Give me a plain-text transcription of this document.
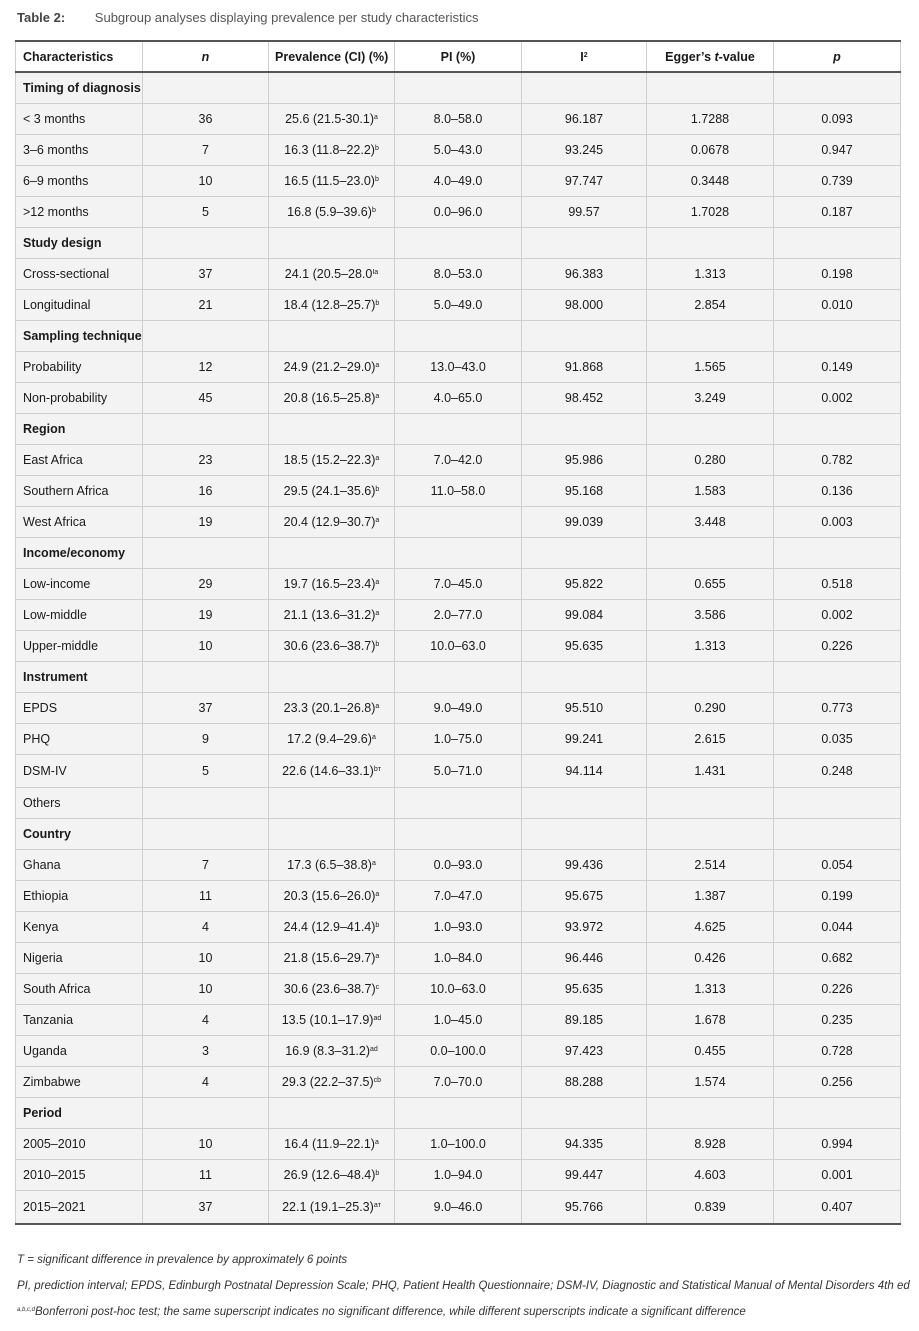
Table 2: Subgroup analyses displaying prevalence per study characteristics
Characteristics	n	Prevalence (CI) (%)	PI (%)	$I^2$	Egger’s t-value	p
Timing of diagnosis						
< 3 months	36	25.6 $(21.5-30.1)^a$	8.0–58.0	96.187	1.7288	0.093
3–6 months	7	16.3 $(11.8-22.2)^b$	5.0–43.0	93.245	0.0678	0.947
6–9 months	10	16.5 $(11.5-23.0)^b$	4.0–49.0	97.747	0.3448	0.739
>12 months	5	16.8 $(5.9-39.6)^b$	0.0–96.0	99.57	1.7028	0.187
Study design						
Cross-sectional	37	24.1 ($20.5-28.0^{Ia}$	8.0–53.0	96.383	1.313	0.198
Longitudinal	21	18.4 $(12.8-25.7)^b$	5.0–49.0	98.000	2.854	0.010
Sampling technique						
Probability	12	24.9 $(21.2-29.0)^a$	13.0–43.0	91.868	1.565	0.149
Non-probability	45	20.8 $(16.5-25.8)^a$	4.0–65.0	98.452	3.249	0.002
Region						
East Africa	23	18.5 $(15.2-22.3)^a$	7.0–42.0	95.986	0.280	0.782
Southern Africa	16	29.5 $(24.1-35.6)^b$	11.0–58.0	95.168	1.583	0.136
West Africa	19	20.4 $(12.9-30.7)^a$		99.039	3.448	0.003
Income/economy						
Low-income	29	19.7 $(16.5-23.4)^a$	7.0–45.0	95.822	0.655	0.518
Low-middle	19	21.1 $(13.6-31.2)^a$	2.0–77.0	99.084	3.586	0.002
Upper-middle	10	30.6 $(23.6-38.7)^b$	10.0–63.0	95.635	1.313	0.226
Instrument						
EPDS	37	23.3 $(20.1-26.8)^a$	9.0–49.0	95.510	0.290	0.773
PHQ	9	17.2 $(9.4-29.6)^a$	1.0–75.0	99.241	2.615	0.035
DSM-IV	5	22.6 $(14.6-33.1)^{bт}$	5.0–71.0	94.114	1.431	0.248
Others						
Country						
Ghana	7	17.3 $(6.5-38.8)^a$	0.0–93.0	99.436	2.514	0.054
Ethiopia	11	20.3 $(15.6-26.0)^a$	7.0–47.0	95.675	1.387	0.199
Kenya	4	24.4 $(12.9-41.4)^b$	1.0–93.0	93.972	4.625	0.044
Nigeria	10	21.8 $(15.6-29.7)^a$	1.0–84.0	96.446	0.426	0.682
South Africa	10	30.6 $(23.6-38.7)^c$	10.0–63.0	95.635	1.313	0.226
Tanzania	4	13.5 $(10.1-17.9)^{ad}$	1.0–45.0	89.185	1.678	0.235
Uganda	3	16.9 $(8.3-31.2)^{ad}$	0.0–100.0	97.423	0.455	0.728
Zimbabwe	4	29.3 $(22.2-37.5)^{cb}$	7.0–70.0	88.288	1.574	0.256
Period						
2005–2010	10	16.4 $(11.9-22.1)^a$	1.0–100.0	94.335	8.928	0.994
2010–2015	11	26.9 $(12.6-48.4)^b$	1.0–94.0	99.447	4.603	0.001
2015–2021	37	22.1 $(19.1-25.3)^{aт}$	9.0–46.0	95.766	0.839	0.407
T = significant difference in prevalence by approximately 6 points
PI, prediction interval; EPDS, Edinburgh Postnatal Depression Scale; PHQ, Patient Health Questionnaire; DSM-IV, Diagnostic and Statistical Manual of Mental Disorders 4th ed
$^{a,b,c,d}$Bonferroni post-hoc test; the same superscript indicates no significant difference, while different superscripts indicate a significant difference
